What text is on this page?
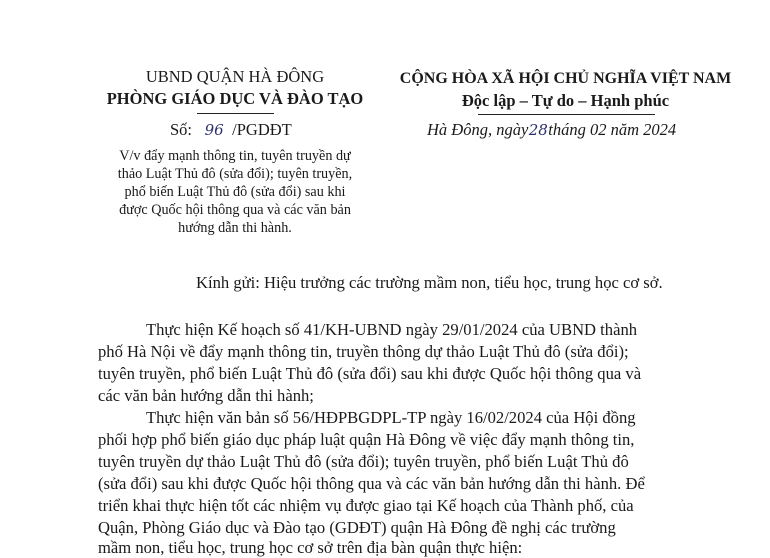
UBND QUẬN HÀ ĐÔNG
PHÒNG GIÁO DỤC VÀ ĐÀO TẠO
Số: 96 /PGDĐT
V/v đẩy mạnh thông tin, tuyên truyền dự
thảo Luật Thủ đô (sửa đổi); tuyên truyền,
phổ biến Luật Thủ đô (sửa đổi) sau khi
được Quốc hội thông qua và các văn bản
hướng dẫn thi hành.
CỘNG HÒA XÃ HỘI CHỦ NGHĨA VIỆT NAM
Độc lập – Tự do – Hạnh phúc
Hà Đông, ngày28tháng 02 năm 2024
Kính gửi: Hiệu trưởng các trường mầm non, tiểu học, trung học cơ sở.
Thực hiện Kế hoạch số 41/KH-UBND ngày 29/01/2024 của UBND thành
phố Hà Nội về đẩy mạnh thông tin, truyền thông dự thảo Luật Thủ đô (sửa đổi);
tuyên truyền, phổ biến Luật Thủ đô (sửa đổi) sau khi được Quốc hội thông qua và
các văn bản hướng dẫn thi hành;
Thực hiện văn bản số 56/HĐPBGDPL-TP ngày 16/02/2024 của Hội đồng
phối hợp phổ biến giáo dục pháp luật quận Hà Đông về việc đẩy mạnh thông tin,
tuyên truyền dự thảo Luật Thủ đô (sửa đổi); tuyên truyền, phổ biến Luật Thủ đô
(sửa đổi) sau khi được Quốc hội thông qua và các văn bản hướng dẫn thi hành. Để
triển khai thực hiện tốt các nhiệm vụ được giao tại Kế hoạch của Thành phố, của
Quận, Phòng Giáo dục và Đào tạo (GDĐT) quận Hà Đông đề nghị các trường
mầm non, tiểu học, trung học cơ sở trên địa bàn quận thực hiện:
